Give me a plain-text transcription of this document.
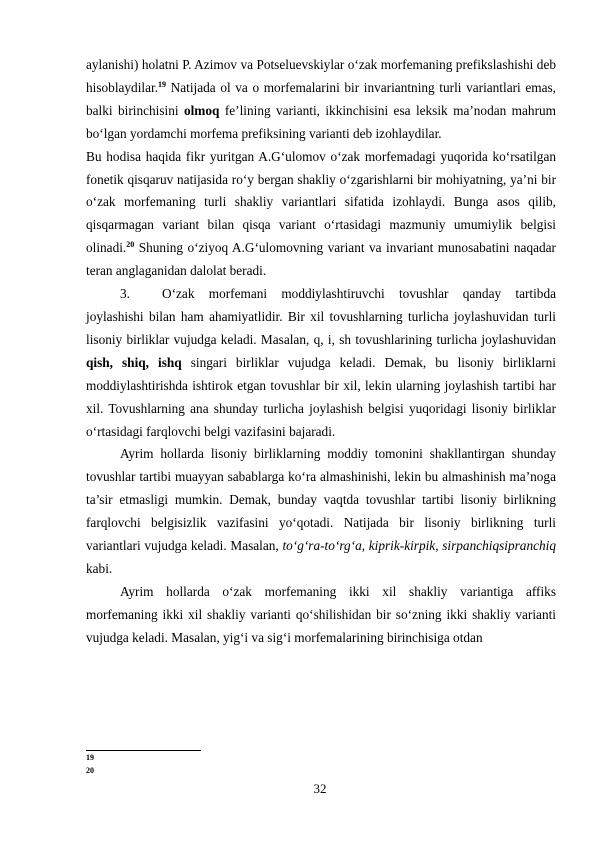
aylanishi) holatni P. Azimov va Potseluevskiylar o‘zak morfemaning prefikslashishi deb hisoblaydilar.$^{19}$ Natijada ol va o morfemalarini bir invariantning turli variantlari emas, balki birinchisini olmoq fe’lining varianti, ikkinchisini esa leksik ma’nodan mahrum bo‘lgan yordamchi morfema prefiksining varianti deb izohlaydilar.

Bu hodisa haqida fikr yuritgan A.G‘ulomov o‘zak morfemadagi yuqorida ko‘rsatilgan fonetik qisqaruv natijasida ro‘y bergan shakliy o‘zgarishlarni bir mohiyatning, ya’ni bir o‘zak morfemaning turli shakliy variantlari sifatida izohlaydi. Bunga asos qilib, qisqarmagan variant bilan qisqa variant o‘rtasidagi mazmuniy umumiylik belgisi olinadi.$^{20}$ Shuning o‘ziyoq A.G‘ulomovning variant va invariant munosabatini naqadar teran anglaganidan dalolat beradi.

3. O‘zak morfemani moddiylashtiruvchi tovushlar qanday tartibda joylashishi bilan ham ahamiyatlidir. Bir xil tovushlarning turlicha joylashuvidan turli lisoniy birliklar vujudga keladi. Masalan, q, i, sh tovushlarining turlicha joylashuvidan qish, shiq, ishq singari birliklar vujudga keladi. Demak, bu lisoniy birliklarni moddiylashtirishda ishtirok etgan tovushlar bir xil, lekin ularning joylashish tartibi har xil. Tovushlarning ana shunday turlicha joylashish belgisi yuqoridagi lisoniy birliklar o‘rtasidagi farqlovchi belgi vazifasini bajaradi.

Ayrim hollarda lisoniy birliklarning moddiy tomonini shakllantirgan shunday tovushlar tartibi muayyan sabablarga ko‘ra almashinishi, lekin bu almashinish ma’noga ta’sir etmasligi mumkin. Demak, bunday vaqtda tovushlar tartibi lisoniy birlikning farqlovchi belgisizlik vazifasini yo‘qotadi. Natijada bir lisoniy birlikning turli variantlari vujudga keladi. Masalan, to‘g‘ra-to‘rg‘a, kiprik-kirpik, sirpanchiqsipranchiq kabi.

Ayrim hollarda o‘zak morfemaning ikki xil shakliy variantiga affiks morfemaning ikki xil shakliy varianti qo‘shilishidan bir so‘zning ikki shakliy varianti vujudga keladi. Masalan, yig‘i va sig‘i morfemalarining birinchisiga otdan

19
20
32
